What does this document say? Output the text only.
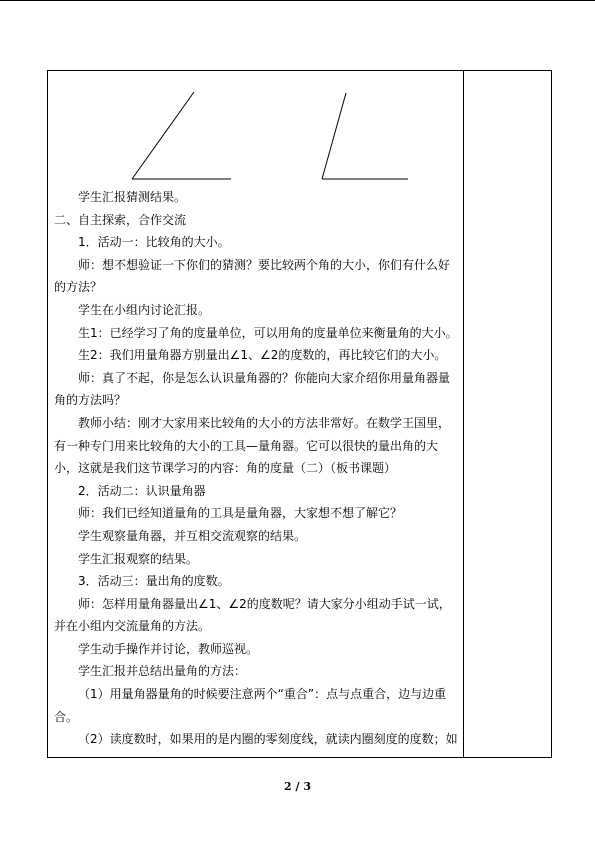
学生汇报猜测结果。

二、自主探索，合作交流

1．活动一：比较角的大小。

师：想不想验证一下你们的猜测？要比较两个角的大小，你们有什么好的方法？

学生在小组内讨论汇报。

生1：已经学习了角的度量单位，可以用角的度量单位来衡量角的大小。

生2：我们用量角器方别量出∠1、∠2的度数的，再比较它们的大小。

师：真了不起，你是怎么认识量角器的？你能向大家介绍你用量角器量角的方法吗？

教师小结：刚才大家用来比较角的大小的方法非常好。在数学王国里，有一种专门用来比较角的大小的工具—量角器。它可以很快的量出角的大小，这就是我们这节课学习的内容：角的度量（二）（板书课题）

2．活动二：认识量角器

师：我们已经知道量角的工具是量角器，大家想不想了解它？

学生观察量角器，并互相交流观察的结果。

学生汇报观察的结果。

3．活动三：量出角的度数。

师：怎样用量角器量出∠1、∠2的度数呢？请大家分小组动手试一试，并在小组内交流量角的方法。

学生动手操作并讨论，教师巡视。

学生汇报并总结出量角的方法：

（1）用量角器量角的时候要注意两个“重合”：点与点重合，边与边重合。

（2）读度数时，如果用的是内圈的零刻度线，就读内圈刻度的度数；如

2 / 3
